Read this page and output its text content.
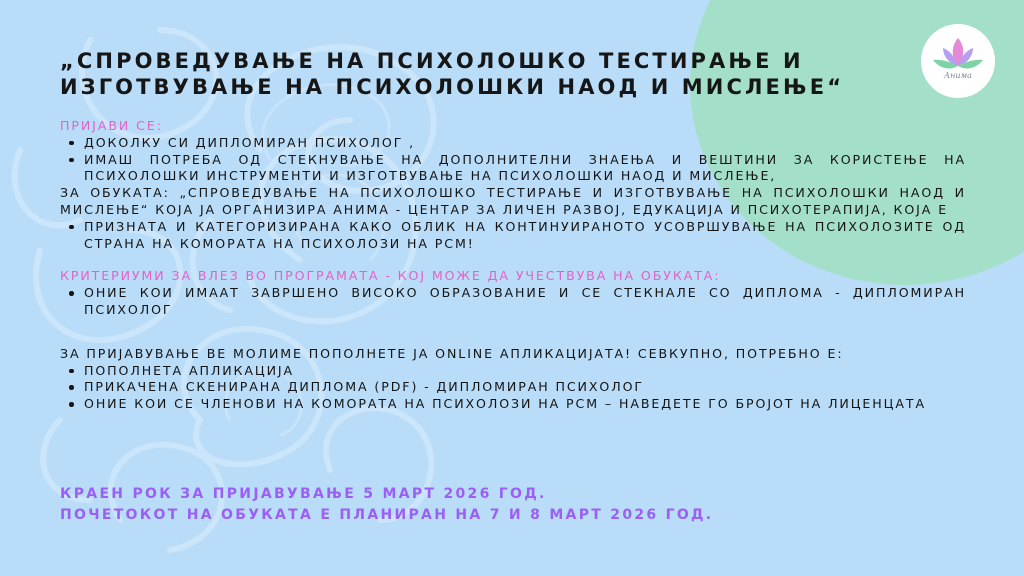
Анима
„СПРОВЕДУВАЊЕ НА ПСИХОЛОШКО ТЕСТИРАЊЕ И
ИЗГОТВУВАЊЕ НА ПСИХОЛОШКИ НАОД И МИСЛЕЊЕ“

ПРИЈАВИ СЕ:

ДОКОЛКУ СИ ДИПЛОМИРАН ПСИХОЛОГ ,
ИМАШ ПОТРЕБА ОД СТЕКНУВАЊЕ НА ДОПОЛНИТЕЛНИ ЗНАЕЊА И ВЕШТИНИ ЗА КОРИСТЕЊЕ НА ПСИХОЛОШКИ ИНСТРУМЕНТИ И ИЗГОТВУВАЊЕ НА ПСИХОЛОШКИ НАОД И МИСЛЕЊЕ,

ЗА ОБУКАТА: „СПРОВЕДУВАЊЕ НА ПСИХОЛОШКО ТЕСТИРАЊЕ И ИЗГОТВУВАЊЕ НА ПСИХОЛОШКИ НАОД И МИСЛЕЊЕ“ КОЈА ЈА ОРГАНИЗИРА АНИМА - ЦЕНТАР ЗА ЛИЧЕН РАЗВОЈ, ЕДУКАЦИЈА И ПСИХОТЕРАПИЈА, КОЈА Е

ПРИЗНАТА И КАТЕГОРИЗИРАНА КАКО ОБЛИК НА КОНТИНУИРАНОТО УСОВРШУВАЊЕ НА ПСИХОЛОЗИТЕ ОД СТРАНА НА КОМОРАТА НА ПСИХОЛОЗИ НА РСМ!

КРИТЕРИУМИ ЗА ВЛЕЗ ВО ПРОГРАМАТА - КОЈ МОЖЕ ДА УЧЕСТВУВА НА ОБУКАТА:

ОНИЕ КОИ ИМААТ ЗАВРШЕНО ВИСОКО ОБРАЗОВАНИЕ И СЕ СТЕКНАЛЕ СО ДИПЛОМА - ДИПЛОМИРАН ПСИХОЛОГ

ЗА ПРИЈАВУВАЊЕ ВЕ МОЛИМЕ ПОПОЛНЕТЕ ЈА ONLINE АПЛИКАЦИЈАТА! СЕВКУПНО, ПОТРЕБНО Е:

ПОПОЛНЕТА АПЛИКАЦИЈА
ПРИКАЧЕНА СКЕНИРАНА ДИПЛОМА (PDF) - ДИПЛОМИРАН ПСИХОЛОГ
ОНИЕ КОИ СЕ ЧЛЕНОВИ НА КОМОРАТА НА ПСИХОЛОЗИ НА РСМ – НАВЕДЕТЕ ГО БРОЈОТ НА ЛИЦЕНЦАТА

КРАЕН РОК ЗА ПРИЈАВУВАЊЕ 5 МАРТ 2026 ГОД.
ПОЧЕТОКОТ НА ОБУКАТА Е ПЛАНИРАН НА 7 И 8 МАРТ 2026 ГОД.
